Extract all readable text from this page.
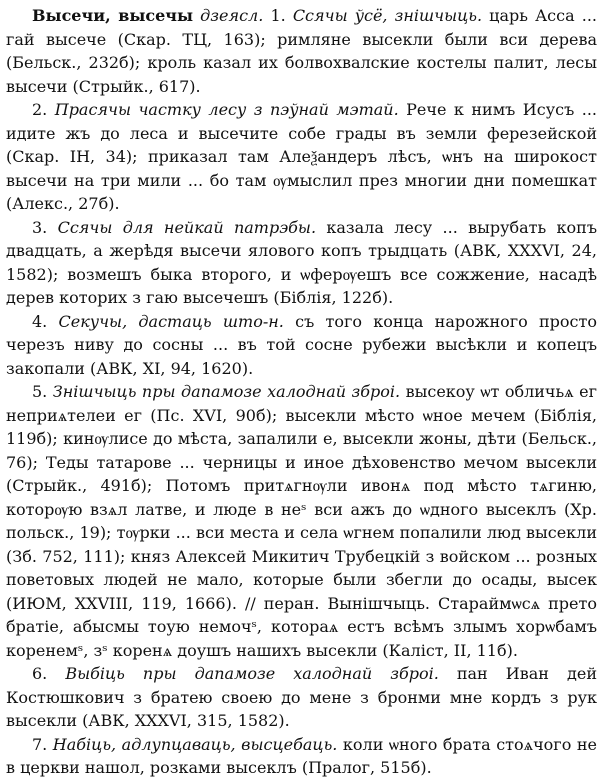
Высечи, высечы дзеясл. 1. Ссячы ўсё, знішчыць. царь Асса ... гай высече (Скар. ТЦ, 163); римляне высекли были вси дерева (Бельск., 232б); кроль казал их болвохвалские костелы палит, лесы высечи (Стрыйк., 617).

2. Прасячы частку лесу з пэўнай мэтай. Рече к нимъ Исусъ ... идите жъ до леса и высечите собе грады въ земли ферезейской (Скар. ІН, 34); приказал там Алеѯандеръ лѣсъ, ѡнъ на широкост высечи на три мили ... бо там ѹмыслил през многии дни помешкат (Алекс., 27б).

3. Ссячы для нейкай патрэбы. казала лесу ... вырубать копъ двадцать, а жерѣдя высечи ялового копъ трыдцать (АВК, XXXVI, 24, 1582); возмешъ быка второго, и ѡферѹешъ все сожжение, насадѣ дерев которих з гаю высечешъ (Біблія, 122б).

4. Секучы, дастаць што-н. съ того конца нарожного просто черезъ ниву до сосны ... въ той сосне рубежи высѣкли и копецъ закопали (АВК, XI, 94, 1620).

5. Знішчыць пры дапамозе халоднай зброі. высекоу ѡт обличьѧ ег неприѧтелеи ег (Пс. XVI, 90б); высекли мѣсто ѡное мечем (Біблія, 119б); кинѹлисе до мѣста, запалили е, высекли жоны, дѣти (Бельск., 76); Теды татарове ... черницы и иное дѣховенство мечом высекли (Стрыйк., 491б); Потомъ притѧгнѹли ивонѧ под мѣсто тѧгиню, которѹю взѧл латве, и люде в неˢ вси ажъ до ѡдного высеклъ (Хр. польск., 19); тѹрки ... вси места и села ѡгнем попалили люд высекли (Зб. 752, 111); княз Алексей Микитич Трубецкій з войском ... розных поветовых людей не мало, которые были збегли до осады, высек (ИЮМ, XXVIII, 119, 1666). // перан. Вынішчыць. Стараймѡсѧ прето братіе, абысмы тоую немочˢ, котораѧ естъ всѣмъ злымъ хорѡбамъ коренемˢ, зˢ коренѧ доушъ нашихъ высекли (Каліст, II, 11б).

6. Выбіць пры дапамозе халоднай зброі. пан Иван дей Костюшкович з братею своею до мене з бронми мне кордъ з рук высекли (АВК, XXXVI, 315, 1582).

7. Набіць, адлупцаваць, высцебаць. коли ѡного брата стоѧчого не в церкви нашол, розками высеклъ (Пралог, 515б).
